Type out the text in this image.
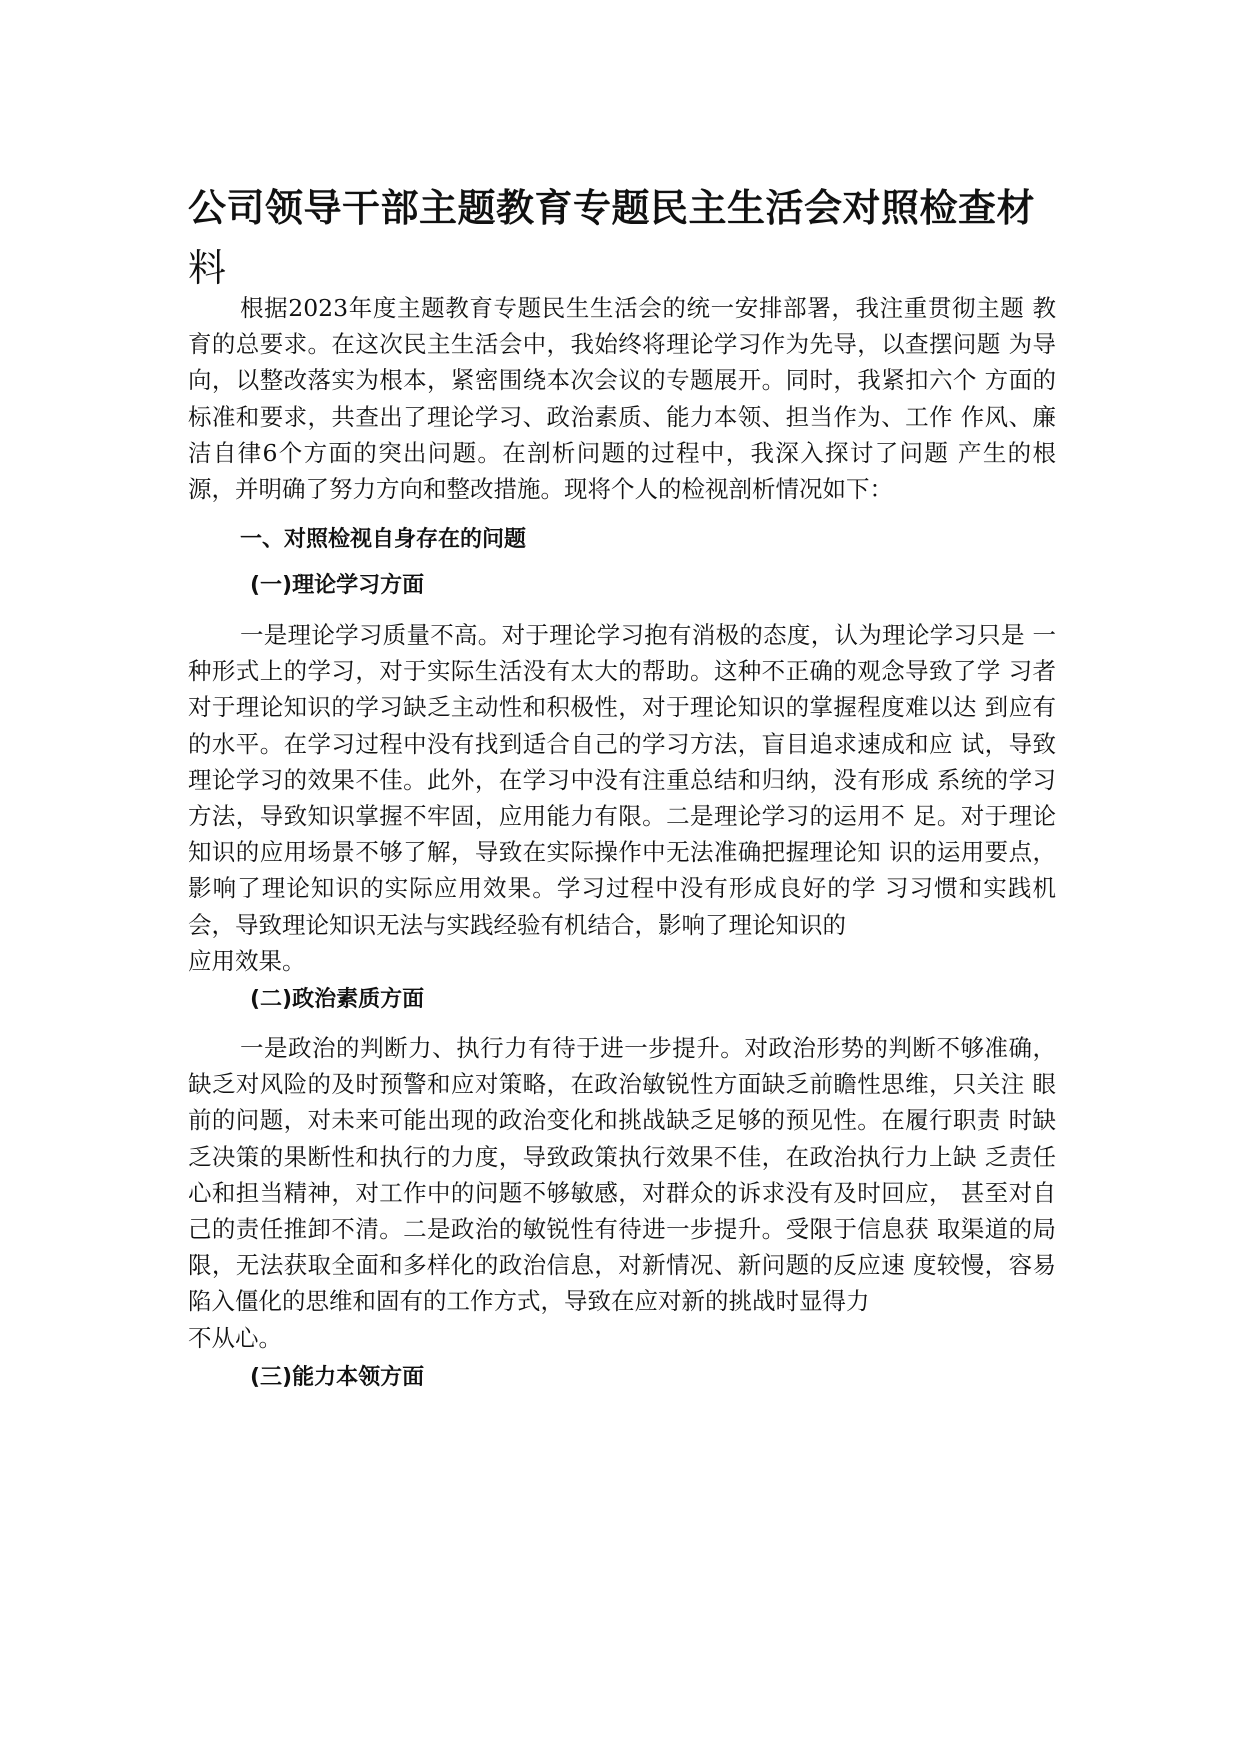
公司领导干部主题教育专题民主生活会对照检查材
料

根据2023年度主题教育专题民生生活会的统一安排部署，我注重贯彻主题 教育的总要求。在这次民主生活会中，我始终将理论学习作为先导，以查摆问题 为导向，以整改落实为根本，紧密围绕本次会议的专题展开。同时，我紧扣六个 方面的标准和要求，共查出了理论学习、政治素质、能力本领、担当作为、工作 作风、廉洁自律6个方面的突出问题。在剖析问题的过程中，我深入探讨了问题 产生的根源，并明确了努力方向和整改措施。现将个人的检视剖析情况如下：

一、对照检视自身存在的问题
(一)理论学习方面

一是理论学习质量不高。对于理论学习抱有消极的态度，认为理论学习只是 一种形式上的学习，对于实际生活没有太大的帮助。这种不正确的观念导致了学 习者对于理论知识的学习缺乏主动性和积极性，对于理论知识的掌握程度难以达 到应有的水平。在学习过程中没有找到适合自己的学习方法，盲目追求速成和应 试，导致理论学习的效果不佳。此外，在学习中没有注重总结和归纳，没有形成 系统的学习方法，导致知识掌握不牢固，应用能力有限。二是理论学习的运用不 足。对于理论知识的应用场景不够了解，导致在实际操作中无法准确把握理论知 识的运用要点，影响了理论知识的实际应用效果。学习过程中没有形成良好的学 习习惯和实践机会，导致理论知识无法与实践经验有机结合，影响了理论知识的
应用效果。

(二)政治素质方面

一是政治的判断力、执行力有待于进一步提升。对政治形势的判断不够准确， 缺乏对风险的及时预警和应对策略，在政治敏锐性方面缺乏前瞻性思维，只关注 眼前的问题，对未来可能出现的政治变化和挑战缺乏足够的预见性。在履行职责 时缺乏决策的果断性和执行的力度，导致政策执行效果不佳，在政治执行力上缺 乏责任心和担当精神，对工作中的问题不够敏感，对群众的诉求没有及时回应， 甚至对自己的责任推卸不清。二是政治的敏锐性有待进一步提升。受限于信息获 取渠道的局限，无法获取全面和多样化的政治信息，对新情况、新问题的反应速 度较慢，容易陷入僵化的思维和固有的工作方式，导致在应对新的挑战时显得力
不从心。

(三)能力本领方面
